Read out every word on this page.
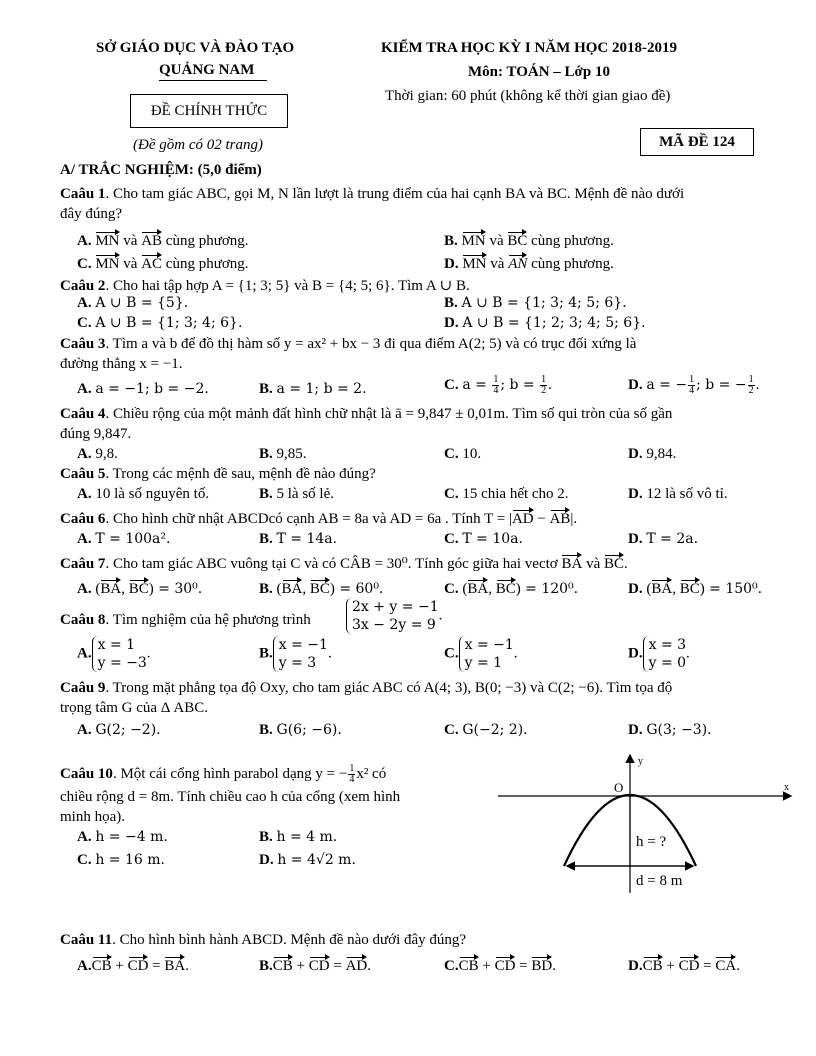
SỞ GIÁO DỤC VÀ ĐÀO TẠO
QUẢNG NAM
ĐỀ CHÍNH THỨC
(Đề gồm có 02 trang)
KIỂM TRA HỌC KỲ I NĂM HỌC 2018-2019
Môn: TOÁN – Lớp 10
Thời gian: 60 phút (không kể thời gian giao đề)
MÃ ĐỀ 124
A/ TRẮC NGHIỆM: (5,0 điểm)
Caâu 1. Cho tam giác ABC, gọi M, N lần lượt là trung điểm của hai cạnh BA và BC. Mệnh đề nào dưới
đây đúng?
A. MN và AB cùng phương.	B. MN và BC cùng phương.
C. MN và AC cùng phương.	D. MN và AN cùng phương.
Caâu 2. Cho hai tập hợp A = {1; 3; 5} và B = {4; 5; 6}. Tìm A ∪ B.
A. A ∪ B = {5}.	B. A ∪ B = {1; 3; 4; 5; 6}.
C. A ∪ B = {1; 3; 4; 6}.	D. A ∪ B = {1; 2; 3; 4; 5; 6}.
Caâu 3. Tìm a và b để đồ thị hàm số y = ax² + bx − 3 đi qua điểm A(2; 5) và có trục đối xứng là
đường thẳng x = −1.
A. a = −1; b = −2.	B. a = 1; b = 2.	C. $a = \frac{1}{4}$ ; $b = \frac{1}{2}$ .	D. a = − $\frac{1}{4}$ ; b = − $\frac{1}{2}$ .
Caâu 4. Chiều rộng của một mảnh đất hình chữ nhật là ā = 9,847 ± 0,01m. Tìm số qui tròn của số gần
đúng 9,847.
A. 9,8.	B. 9,85.	C. 10.	D. 9,84.
Caâu 5. Trong các mệnh đề sau, mệnh đề nào đúng?
A. 10 là số nguyên tố.	B. 5 là số lẻ.	C. 15 chia hết cho 2.	D. 12 là số vô tỉ.
Caâu 6. Cho hình chữ nhật ABCDcó cạnh AB = 8a và AD = 6a . Tính T = |AD − AB|.
A. T = 100a².	B. T = 14a.	C. T = 10a.	D. T = 2a.
Caâu 7. Cho tam giác ABC vuông tại C và có CÂB = 30⁰. Tính góc giữa hai vectơ BA và BC.
A. (BA, BC) = 30⁰.	B. (BA, BC) = 60⁰.	C. (BA, BC) = 120⁰.	D. (BA, BC) = 150⁰.
Caâu 8. Tìm nghiệm của hệ phương trình
2x + y = −1
3x − 2y = 9
.
A.
x = 1
y = −3
.	B.
x = −1
y = 3
.	C.
x = −1
y = 1
.	D.
x = 3
y = 0
.
Caâu 9. Trong mặt phẳng tọa độ Oxy, cho tam giác ABC có A(4; 3), B(0; −3) và C(2; −6). Tìm tọa độ
trọng tâm G của Δ ABC.
A. G(2; −2).	B. G(6; −6).	C. G(−2; 2).	D. G(3; −3).
Caâu 10. Một cái cổng hình parabol dạng y = − $\frac{1}{4} x^2$ có
chiều rộng d = 8m. Tính chiều cao h của cổng (xem hình
minh họa).
A. h = −4 m.	B. h = 4 m.
C. h = 16 m.	D. h = 4√2 m.
y
x
O
h = ?
d = 8 m
Caâu 11. Cho hình bình hành ABCD. Mệnh đề nào dưới đây đúng?
A.CB + CD = BA.	B.CB + CD = AD.	C.CB + CD = BD.	D.CB + CD = CA.
